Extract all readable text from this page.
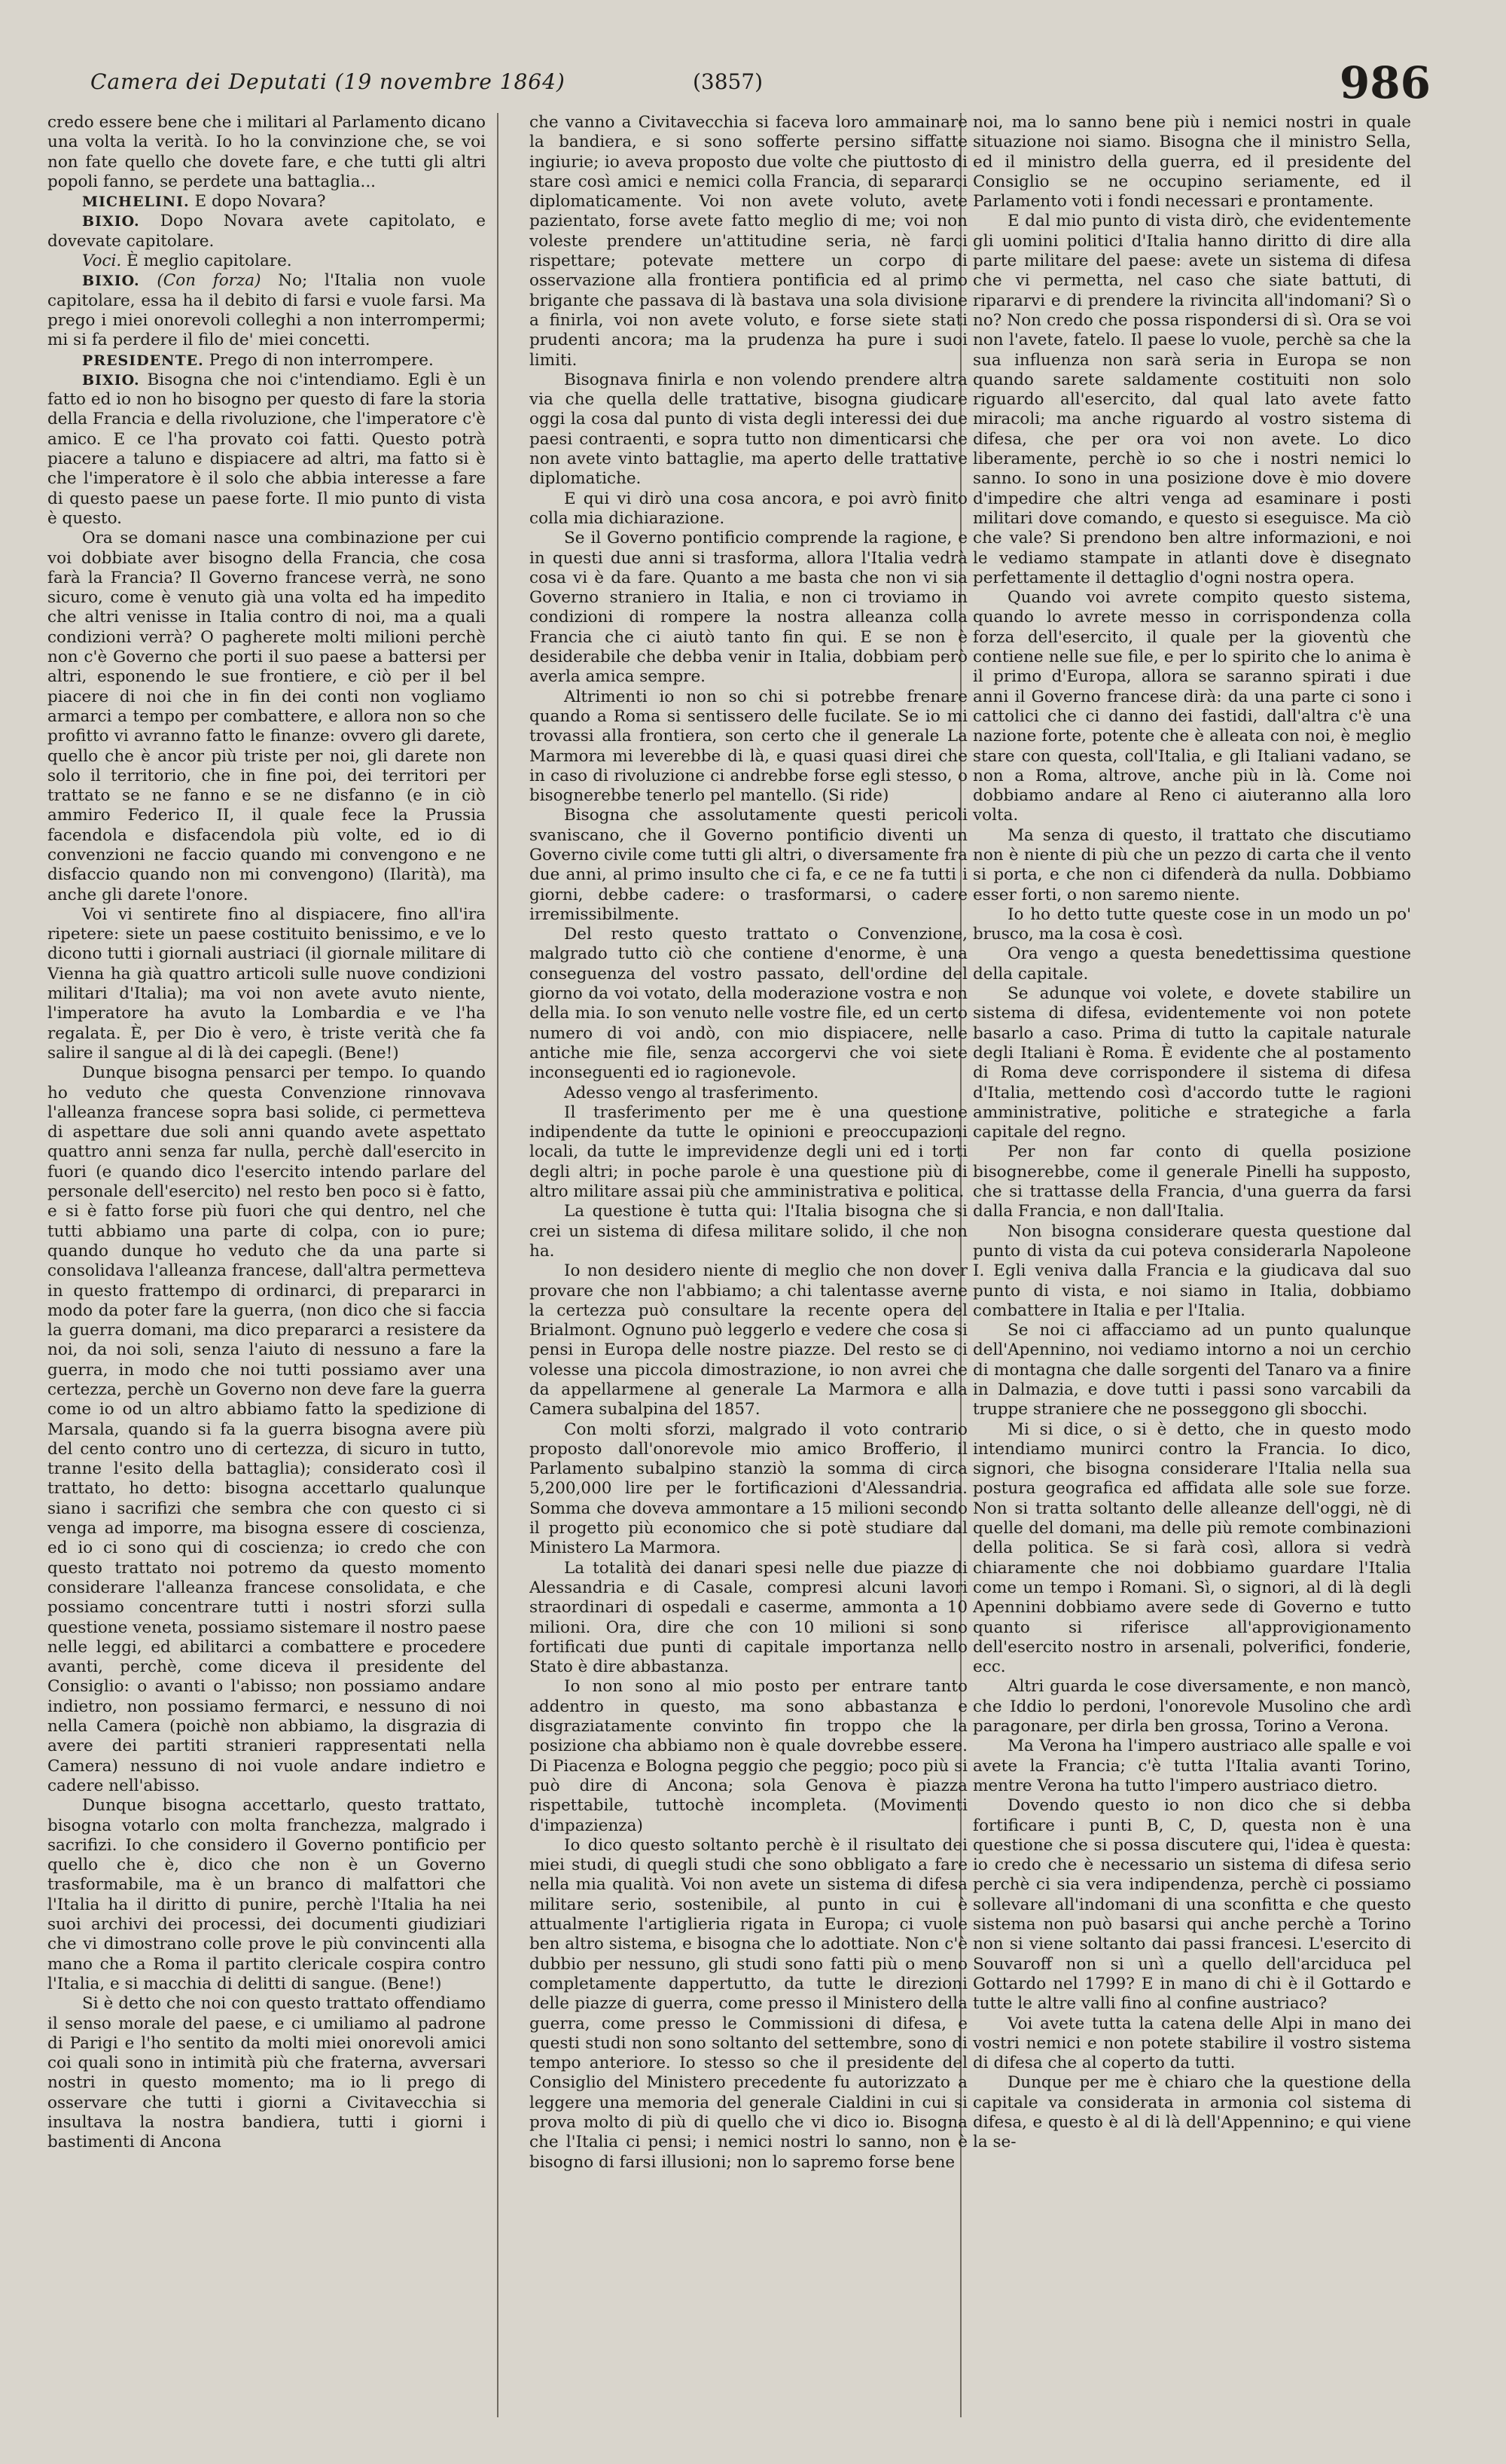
Camera dei Deputati (19 novembre 1864)	(3857)	986

credo essere bene che i militari al Parlamento dicano una volta la verità. Io ho la convinzione che, se voi non fate quello che dovete fare, e che tutti gli altri popoli fanno, se perdete una battaglia...

MICHELINI. E dopo Novara?

BIXIO. Dopo Novara avete capitolato, e dovevate capitolare.

Voci. È meglio capitolare.

BIXIO. (Con forza) No; l'Italia non vuole capitolare, essa ha il debito di farsi e vuole farsi. Ma prego i miei onorevoli colleghi a non interrompermi; mi si fa perdere il filo de' miei concetti.

PRESIDENTE. Prego di non interrompere.

BIXIO. Bisogna che noi c'intendiamo. Egli è un fatto ed io non ho bisogno per questo di fare la storia della Francia e della rivoluzione, che l'imperatore c'è amico. E ce l'ha provato coi fatti. Questo potrà piacere a taluno e dispiacere ad altri, ma fatto si è che l'imperatore è il solo che abbia interesse a fare di questo paese un paese forte. Il mio punto di vista è questo.

Ora se domani nasce una combinazione per cui voi dobbiate aver bisogno della Francia, che cosa farà la Francia? Il Governo francese verrà, ne sono sicuro, come è venuto già una volta ed ha impedito che altri venisse in Italia contro di noi, ma a quali condizioni verrà? O pagherete molti milioni perchè non c'è Governo che porti il suo paese a battersi per altri, esponendo le sue frontiere, e ciò per il bel piacere di noi che in fin dei conti non vogliamo armarci a tempo per combattere, e allora non so che profitto vi avranno fatto le finanze: ovvero gli darete, quello che è ancor più triste per noi, gli darete non solo il territorio, che in fine poi, dei territori per trattato se ne fanno e se ne disfanno (e in ciò ammiro Federico II, il quale fece la Prussia facendola e disfacendola più volte, ed io di convenzioni ne faccio quando mi convengono e ne disfaccio quando non mi convengono) (Ilarità), ma anche gli darete l'onore.

Voi vi sentirete fino al dispiacere, fino all'ira ripetere: siete un paese costituito benissimo, e ve lo dicono tutti i giornali austriaci (il giornale militare di Vienna ha già quattro articoli sulle nuove condizioni militari d'Italia); ma voi non avete avuto niente, l'imperatore ha avuto la Lombardia e ve l'ha regalata. È, per Dio è vero, è triste verità che fa salire il sangue al di là dei capegli. (Bene!)

Dunque bisogna pensarci per tempo. Io quando ho veduto che questa Convenzione rinnovava l'alleanza francese sopra basi solide, ci permetteva di aspettare due soli anni quando avete aspettato quattro anni senza far nulla, perchè dall'esercito in fuori (e quando dico l'esercito intendo parlare del personale dell'esercito) nel resto ben poco si è fatto, e si è fatto forse più fuori che qui dentro, nel che tutti abbiamo una parte di colpa, con io pure; quando dunque ho veduto che da una parte si consolidava l'alleanza francese, dall'altra permetteva in questo frattempo di ordinarci, di prepararci in modo da poter fare la guerra, (non dico che si faccia la guerra domani, ma dico prepararci a resistere da noi, da noi soli, senza l'aiuto di nessuno a fare la guerra, in modo che noi tutti possiamo aver una certezza, perchè un Governo non deve fare la guerra come io od un altro abbiamo fatto la spedizione di Marsala, quando si fa la guerra bisogna avere più del cento contro uno di certezza, di sicuro in tutto, tranne l'esito della battaglia); considerato così il trattato, ho detto: bisogna accettarlo qualunque siano i sacrifizi che sembra che con questo ci si venga ad imporre, ma bisogna essere di coscienza, ed io ci sono qui di coscienza; io credo che con questo trattato noi potremo da questo momento considerare l'alleanza francese consolidata, e che possiamo concentrare tutti i nostri sforzi sulla questione veneta, possiamo sistemare il nostro paese nelle leggi, ed abilitarci a combattere e procedere avanti, perchè, come diceva il presidente del Consiglio: o avanti o l'abisso; non possiamo andare indietro, non possiamo fermarci, e nessuno di noi nella Camera (poichè non abbiamo, la disgrazia di avere dei partiti stranieri rappresentati nella Camera) nessuno di noi vuole andare indietro e cadere nell'abisso.

Dunque bisogna accettarlo, questo trattato, bisogna votarlo con molta franchezza, malgrado i sacrifizi. Io che considero il Governo pontificio per quello che è, dico che non è un Governo trasformabile, ma è un branco di malfattori che l'Italia ha il diritto di punire, perchè l'Italia ha nei suoi archivi dei processi, dei documenti giudiziari che vi dimostrano colle prove le più convincenti alla mano che a Roma il partito clericale cospira contro l'Italia, e si macchia di delitti di sangue. (Bene!)

Si è detto che noi con questo trattato offendiamo il senso morale del paese, e ci umiliamo al padrone di Parigi e l'ho sentito da molti miei onorevoli amici coi quali sono in intimità più che fraterna, avversari nostri in questo momento; ma io li prego di osservare che tutti i giorni a Civitavecchia si insultava la nostra bandiera, tutti i giorni i bastimenti di Ancona

che vanno a Civitavecchia si faceva loro ammainare la bandiera, e si sono sofferte persino siffatte ingiurie; io aveva proposto due volte che piuttosto di stare così amici e nemici colla Francia, di separarci diplomaticamente. Voi non avete voluto, avete pazientato, forse avete fatto meglio di me; voi non voleste prendere un'attitudine seria, nè farci rispettare; potevate mettere un corpo di osservazione alla frontiera pontificia ed al primo brigante che passava di là bastava una sola divisione a finirla, voi non avete voluto, e forse siete stati prudenti ancora; ma la prudenza ha pure i suoi limiti.

Bisognava finirla e non volendo prendere altra via che quella delle trattative, bisogna giudicare oggi la cosa dal punto di vista degli interessi dei due paesi contraenti, e sopra tutto non dimenticarsi che non avete vinto battaglie, ma aperto delle trattative diplomatiche.

E qui vi dirò una cosa ancora, e poi avrò finito colla mia dichiarazione.

Se il Governo pontificio comprende la ragione, e in questi due anni si trasforma, allora l'Italia vedrà cosa vi è da fare. Quanto a me basta che non vi sia Governo straniero in Italia, e non ci troviamo in condizioni di rompere la nostra alleanza colla Francia che ci aiutò tanto fin qui. E se non è desiderabile che debba venir in Italia, dobbiam però averla amica sempre.

Altrimenti io non so chi si potrebbe frenare quando a Roma si sentissero delle fucilate. Se io mi trovassi alla frontiera, son certo che il generale La Marmora mi leverebbe di là, e quasi quasi direi che in caso di rivoluzione ci andrebbe forse egli stesso, o bisognerebbe tenerlo pel mantello. (Si ride)

Bisogna che assolutamente questi pericoli svaniscano, che il Governo pontificio diventi un Governo civile come tutti gli altri, o diversamente fra due anni, al primo insulto che ci fa, e ce ne fa tutti i giorni, debbe cadere: o trasformarsi, o cadere irremissibilmente.

Del resto questo trattato o Convenzione, malgrado tutto ciò che contiene d'enorme, è una conseguenza del vostro passato, dell'ordine del giorno da voi votato, della moderazione vostra e non della mia. Io son venuto nelle vostre file, ed un certo numero di voi andò, con mio dispiacere, nelle antiche mie file, senza accorgervi che voi siete inconseguenti ed io ragionevole.

Adesso vengo al trasferimento.

Il trasferimento per me è una questione indipendente da tutte le opinioni e preoccupazioni locali, da tutte le imprevidenze degli uni ed i torti degli altri; in poche parole è una questione più di altro militare assai più che amministrativa e politica.

La questione è tutta qui: l'Italia bisogna che si crei un sistema di difesa militare solido, il che non ha.

Io non desidero niente di meglio che non dover provare che non l'abbiamo; a chi talentasse averne la certezza può consultare la recente opera del Brialmont. Ognuno può leggerlo e vedere che cosa si pensi in Europa delle nostre piazze. Del resto se ci volesse una piccola dimostrazione, io non avrei che da appellarmene al generale La Marmora e alla Camera subalpina del 1857.

Con molti sforzi, malgrado il voto contrario proposto dall'onorevole mio amico Brofferio, il Parlamento subalpino stanziò la somma di circa 5,200,000 lire per le fortificazioni d'Alessandria. Somma che doveva ammontare a 15 milioni secondo il progetto più economico che si potè studiare dal Ministero La Marmora.

La totalità dei danari spesi nelle due piazze di Alessandria e di Casale, compresi alcuni lavori straordinari di ospedali e caserme, ammonta a 10 milioni. Ora, dire che con 10 milioni si sono fortificati due punti di capitale importanza nello Stato è dire abbastanza.

Io non sono al mio posto per entrare tanto addentro in questo, ma sono abbastanza e disgraziatamente convinto fin troppo che la posizione cha abbiamo non è quale dovrebbe essere. Di Piacenza e Bologna peggio che peggio; poco più si può dire di Ancona; sola Genova è piazza rispettabile, tuttochè incompleta. (Movimenti d'impazienza)

Io dico questo soltanto perchè è il risultato dei miei studi, di quegli studi che sono obbligato a fare nella mia qualità. Voi non avete un sistema di difesa militare serio, sostenibile, al punto in cui è attualmente l'artiglieria rigata in Europa; ci vuole ben altro sistema, e bisogna che lo adottiate. Non c'è dubbio per nessuno, gli studi sono fatti più o meno completamente dappertutto, da tutte le direzioni delle piazze di guerra, come presso il Ministero della guerra, come presso le Commissioni di difesa, e questi studi non sono soltanto del settembre, sono di tempo anteriore. Io stesso so che il presidente del Consiglio del Ministero precedente fu autorizzato a leggere una memoria del generale Cialdini in cui si prova molto di più di quello che vi dico io. Bisogna che l'Italia ci pensi; i nemici nostri lo sanno, non è bisogno di farsi illusioni; non lo sapremo forse bene

noi, ma lo sanno bene più i nemici nostri in quale situazione noi siamo. Bisogna che il ministro Sella, ed il ministro della guerra, ed il presidente del Consiglio se ne occupino seriamente, ed il Parlamento voti i fondi necessari e prontamente.

E dal mio punto di vista dirò, che evidentemente gli uomini politici d'Italia hanno diritto di dire alla parte militare del paese: avete un sistema di difesa che vi permetta, nel caso che siate battuti, di ripararvi e di prendere la rivincita all'indomani? Sì o no? Non credo che possa rispondersi di sì. Ora se voi non l'avete, fatelo. Il paese lo vuole, perchè sa che la sua influenza non sarà seria in Europa se non quando sarete saldamente costituiti non solo riguardo all'esercito, dal qual lato avete fatto miracoli; ma anche riguardo al vostro sistema di difesa, che per ora voi non avete. Lo dico liberamente, perchè io so che i nostri nemici lo sanno. Io sono in una posizione dove è mio dovere d'impedire che altri venga ad esaminare i posti militari dove comando, e questo si eseguisce. Ma ciò che vale? Si prendono ben altre informazioni, e noi le vediamo stampate in atlanti dove è disegnato perfettamente il dettaglio d'ogni nostra opera.

Quando voi avrete compito questo sistema, quando lo avrete messo in corrispondenza colla forza dell'esercito, il quale per la gioventù che contiene nelle sue file, e per lo spirito che lo anima è il primo d'Europa, allora se saranno spirati i due anni il Governo francese dirà: da una parte ci sono i cattolici che ci danno dei fastidi, dall'altra c'è una nazione forte, potente che è alleata con noi, è meglio stare con questa, coll'Italia, e gli Italiani vadano, se non a Roma, altrove, anche più in là. Come noi dobbiamo andare al Reno ci aiuteranno alla loro volta.

Ma senza di questo, il trattato che discutiamo non è niente di più che un pezzo di carta che il vento si porta, e che non ci difenderà da nulla. Dobbiamo esser forti, o non saremo niente.

Io ho detto tutte queste cose in un modo un po' brusco, ma la cosa è così.

Ora vengo a questa benedettissima questione della capitale.

Se adunque voi volete, e dovete stabilire un sistema di difesa, evidentemente voi non potete basarlo a caso. Prima di tutto la capitale naturale degli Italiani è Roma. È evidente che al postamento di Roma deve corrispondere il sistema di difesa d'Italia, mettendo così d'accordo tutte le ragioni amministrative, politiche e strategiche a farla capitale del regno.

Per non far conto di quella posizione bisognerebbe, come il generale Pinelli ha supposto, che si trattasse della Francia, d'una guerra da farsi dalla Francia, e non dall'Italia.

Non bisogna considerare questa questione dal punto di vista da cui poteva considerarla Napoleone I. Egli veniva dalla Francia e la giudicava dal suo punto di vista, e noi siamo in Italia, dobbiamo combattere in Italia e per l'Italia.

Se noi ci affacciamo ad un punto qualunque dell'Apennino, noi vediamo intorno a noi un cerchio di montagna che dalle sorgenti del Tanaro va a finire in Dalmazia, e dove tutti i passi sono varcabili da truppe straniere che ne posseggono gli sbocchi.

Mi si dice, o si è detto, che in questo modo intendiamo munirci contro la Francia. Io dico, signori, che bisogna considerare l'Italia nella sua postura geografica ed affidata alle sole sue forze. Non si tratta soltanto delle alleanze dell'oggi, nè di quelle del domani, ma delle più remote combinazioni della politica. Se si farà così, allora si vedrà chiaramente che noi dobbiamo guardare l'Italia come un tempo i Romani. Sì, o signori, al di là degli Apennini dobbiamo avere sede di Governo e tutto quanto si riferisce all'approvigionamento dell'esercito nostro in arsenali, polverifici, fonderie, ecc.

Altri guarda le cose diversamente, e non mancò, che Iddio lo perdoni, l'onorevole Musolino che ardì paragonare, per dirla ben grossa, Torino a Verona.

Ma Verona ha l'impero austriaco alle spalle e voi avete la Francia; c'è tutta l'Italia avanti Torino, mentre Verona ha tutto l'impero austriaco dietro.

Dovendo questo io non dico che si debba fortificare i punti B, C, D, questa non è una questione che si possa discutere qui, l'idea è questa: io credo che è necessario un sistema di difesa serio perchè ci sia vera indipendenza, perchè ci possiamo sollevare all'indomani di una sconfitta e che questo sistema non può basarsi qui anche perchè a Torino non si viene soltanto dai passi francesi. L'esercito di Souvaroff non si unì a quello dell'arciduca pel Gottardo nel 1799? E in mano di chi è il Gottardo e tutte le altre valli fino al confine austriaco?

Voi avete tutta la catena delle Alpi in mano dei vostri nemici e non potete stabilire il vostro sistema di difesa che al coperto da tutti.

Dunque per me è chiaro che la questione della capitale va considerata in armonia col sistema di difesa, e questo è al di là dell'Appennino; e qui viene la se-
